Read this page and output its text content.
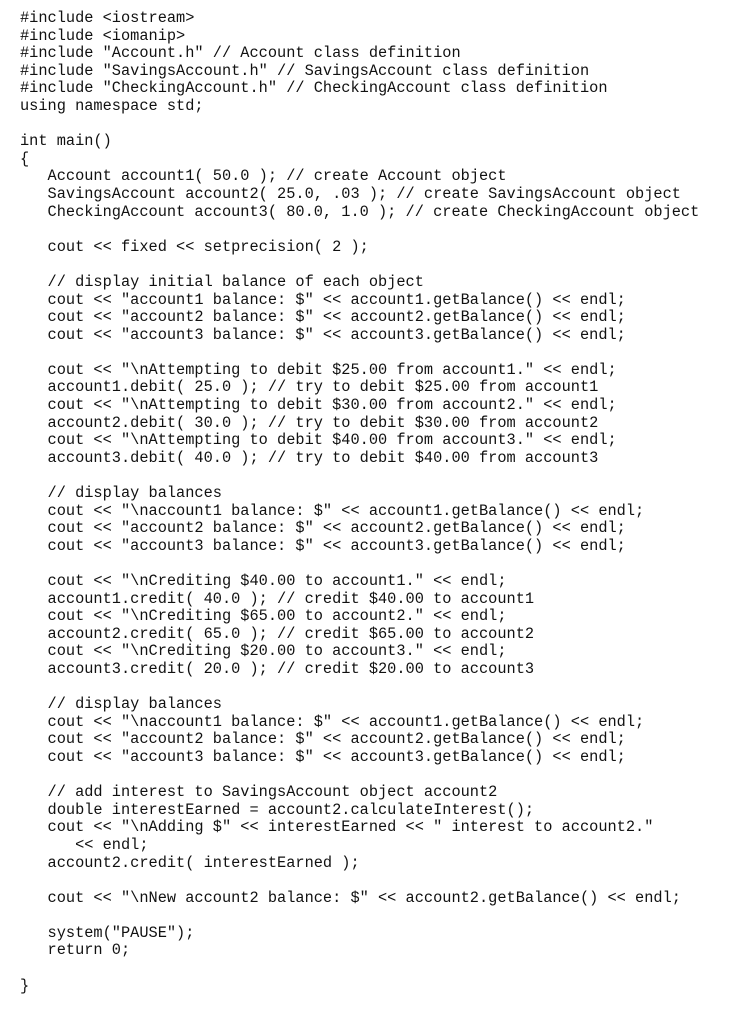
#include <iostream>
#include <iomanip>
#include "Account.h" // Account class definition
#include "SavingsAccount.h" // SavingsAccount class definition
#include "CheckingAccount.h" // CheckingAccount class definition
using namespace std;
int main()
{
Account account1( 50.0 ); // create Account object
SavingsAccount account2( 25.0, .03 ); // create SavingsAccount object
CheckingAccount account3( 80.0, 1.0 ); // create CheckingAccount object
cout << fixed << setprecision( 2 );
// display initial balance of each object
cout << "account1 balance: $" << account1.getBalance() << endl;
cout << "account2 balance: $" << account2.getBalance() << endl;
cout << "account3 balance: $" << account3.getBalance() << endl;
cout << "\nAttempting to debit $25.00 from account1." << endl;
account1.debit( 25.0 ); // try to debit $25.00 from account1
cout << "\nAttempting to debit $30.00 from account2." << endl;
account2.debit( 30.0 ); // try to debit $30.00 from account2
cout << "\nAttempting to debit $40.00 from account3." << endl;
account3.debit( 40.0 ); // try to debit $40.00 from account3
// display balances
cout << "\naccount1 balance: $" << account1.getBalance() << endl;
cout << "account2 balance: $" << account2.getBalance() << endl;
cout << "account3 balance: $" << account3.getBalance() << endl;
cout << "\nCrediting $40.00 to account1." << endl;
account1.credit( 40.0 ); // credit $40.00 to account1
cout << "\nCrediting $65.00 to account2." << endl;
account2.credit( 65.0 ); // credit $65.00 to account2
cout << "\nCrediting $20.00 to account3." << endl;
account3.credit( 20.0 ); // credit $20.00 to account3
// display balances
cout << "\naccount1 balance: $" << account1.getBalance() << endl;
cout << "account2 balance: $" << account2.getBalance() << endl;
cout << "account3 balance: $" << account3.getBalance() << endl;
// add interest to SavingsAccount object account2
double interestEarned = account2.calculateInterest();
cout << "\nAdding $" << interestEarned << " interest to account2."
<< endl;
account2.credit( interestEarned );
cout << "\nNew account2 balance: $" << account2.getBalance() << endl;
system("PAUSE");
return 0;
}
